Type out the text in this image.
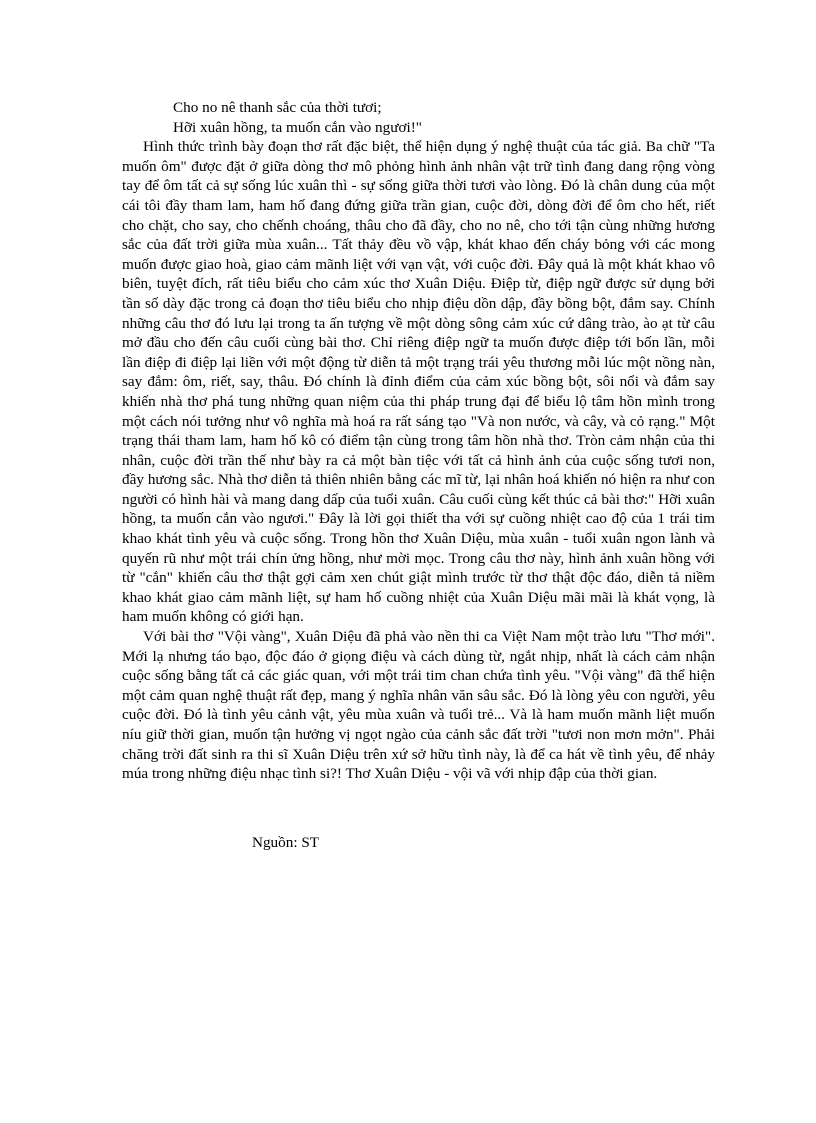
Cho no nê thanh sắc của thời tươi;

Hỡi xuân hồng, ta muốn cắn vào ngươi!"

Hình thức trình bày đoạn thơ rất đặc biệt, thể hiện dụng ý nghệ thuật của tác giả. Ba chữ "Ta muốn ôm" được đặt ở giữa dòng thơ mô phỏng hình ảnh nhân vật trữ tình đang dang rộng vòng tay để ôm tất cả sự sống lúc xuân thì - sự sống giữa thời tươi vào lòng. Đó là chân dung của một cái tôi đầy tham lam, ham hố đang đứng giữa trần gian, cuộc đời, dòng đời để ôm cho hết, riết cho chặt, cho say, cho chếnh choáng, thâu cho đã đầy, cho no nê, cho tới tận cùng những hương sắc của đất trời giữa mùa xuân... Tất thảy đều vồ vập, khát khao đến cháy bỏng với các mong muốn được giao hoà, giao cảm mãnh liệt với vạn vật, với cuộc đời. Đây quả là một khát khao vô biên, tuyệt đích, rất tiêu biểu cho cảm xúc thơ Xuân Diệu. Điệp từ, điệp ngữ được sử dụng bởi tần số dày đặc trong cả đoạn thơ tiêu biểu cho nhịp điệu dồn dập, đầy bồng bột, đắm say. Chính những câu thơ đó lưu lại trong ta ấn tượng về một dòng sông cảm xúc cứ dâng trào, ào ạt từ câu mở đầu cho đến câu cuối cùng bài thơ. Chỉ riêng điệp ngữ ta muốn được điệp tới bốn lần, mỗi lần điệp đi điệp lại liền với một động từ diễn tả một trạng trái yêu thương mỗi lúc một nồng nàn, say đắm: ôm, riết, say, thâu. Đó chính là đỉnh điểm của cảm xúc bồng bột, sôi nổi và đắm say khiến nhà thơ phá tung những quan niệm của thi pháp trung đại để biểu lộ tâm hồn mình trong một cách nói tưởng như vô nghĩa mà hoá ra rất sáng tạo "Và non nước, và cây, và cỏ rạng." Một trạng thái tham lam, ham hố kô có điểm tận cùng trong tâm hồn nhà thơ. Tròn cảm nhận của thi nhân, cuộc đời trần thế như bày ra cả một bàn tiệc với tất cả hình ảnh của cuộc sống tươi non, đầy hương sắc. Nhà thơ diễn tả thiên nhiên bằng các mĩ từ, lại nhân hoá khiến nó hiện ra như con người có hình hài và mang dang dấp của tuổi xuân. Câu cuối cùng kết thúc cả bài thơ:" Hỡi xuân hồng, ta muốn cắn vào ngươi." Đây là lời gọi thiết tha với sự cuồng nhiệt cao độ của 1 trái tim khao khát tình yêu và cuộc sống. Trong hồn thơ Xuân Diệu, mùa xuân - tuổi xuân ngon lành và quyến rũ như một trái chín ửng hồng, như mời mọc. Trong câu thơ này, hình ảnh xuân hồng với từ "cắn" khiến câu thơ thật gợi cảm xen chút giật mình trước từ thơ thật độc đáo, diễn tả niềm khao khát giao cảm mãnh liệt, sự ham hố cuồng nhiệt của Xuân Diệu mãi mãi là khát vọng, là ham muốn không có giới hạn.

Với bài thơ "Vội vàng", Xuân Diệu đã phả vào nền thi ca Việt Nam một trào lưu "Thơ mới". Mới lạ nhưng táo bạo, độc đáo ở giọng điệu và cách dùng từ, ngắt nhịp, nhất là cách cảm nhận cuộc sống bằng tất cả các giác quan, với một trái tim chan chứa tình yêu. "Vội vàng" đã thể hiện một cảm quan nghệ thuật rất đẹp, mang ý nghĩa nhân văn sâu sắc. Đó là lòng yêu con người, yêu cuộc đời. Đó là tình yêu cảnh vật, yêu mùa xuân và tuổi trẻ... Và là ham muốn mãnh liệt muốn níu giữ thời gian, muốn tận hưởng vị ngọt ngào của cảnh sắc đất trời "tươi non mơn mởn". Phải chăng trời đất sinh ra thi sĩ Xuân Diệu trên xứ sở hữu tình này, là để ca hát về tình yêu, để nhảy múa trong những điệu nhạc tình si?! Thơ Xuân Diệu - vội vã với nhịp đập của thời gian.

Nguồn: ST
